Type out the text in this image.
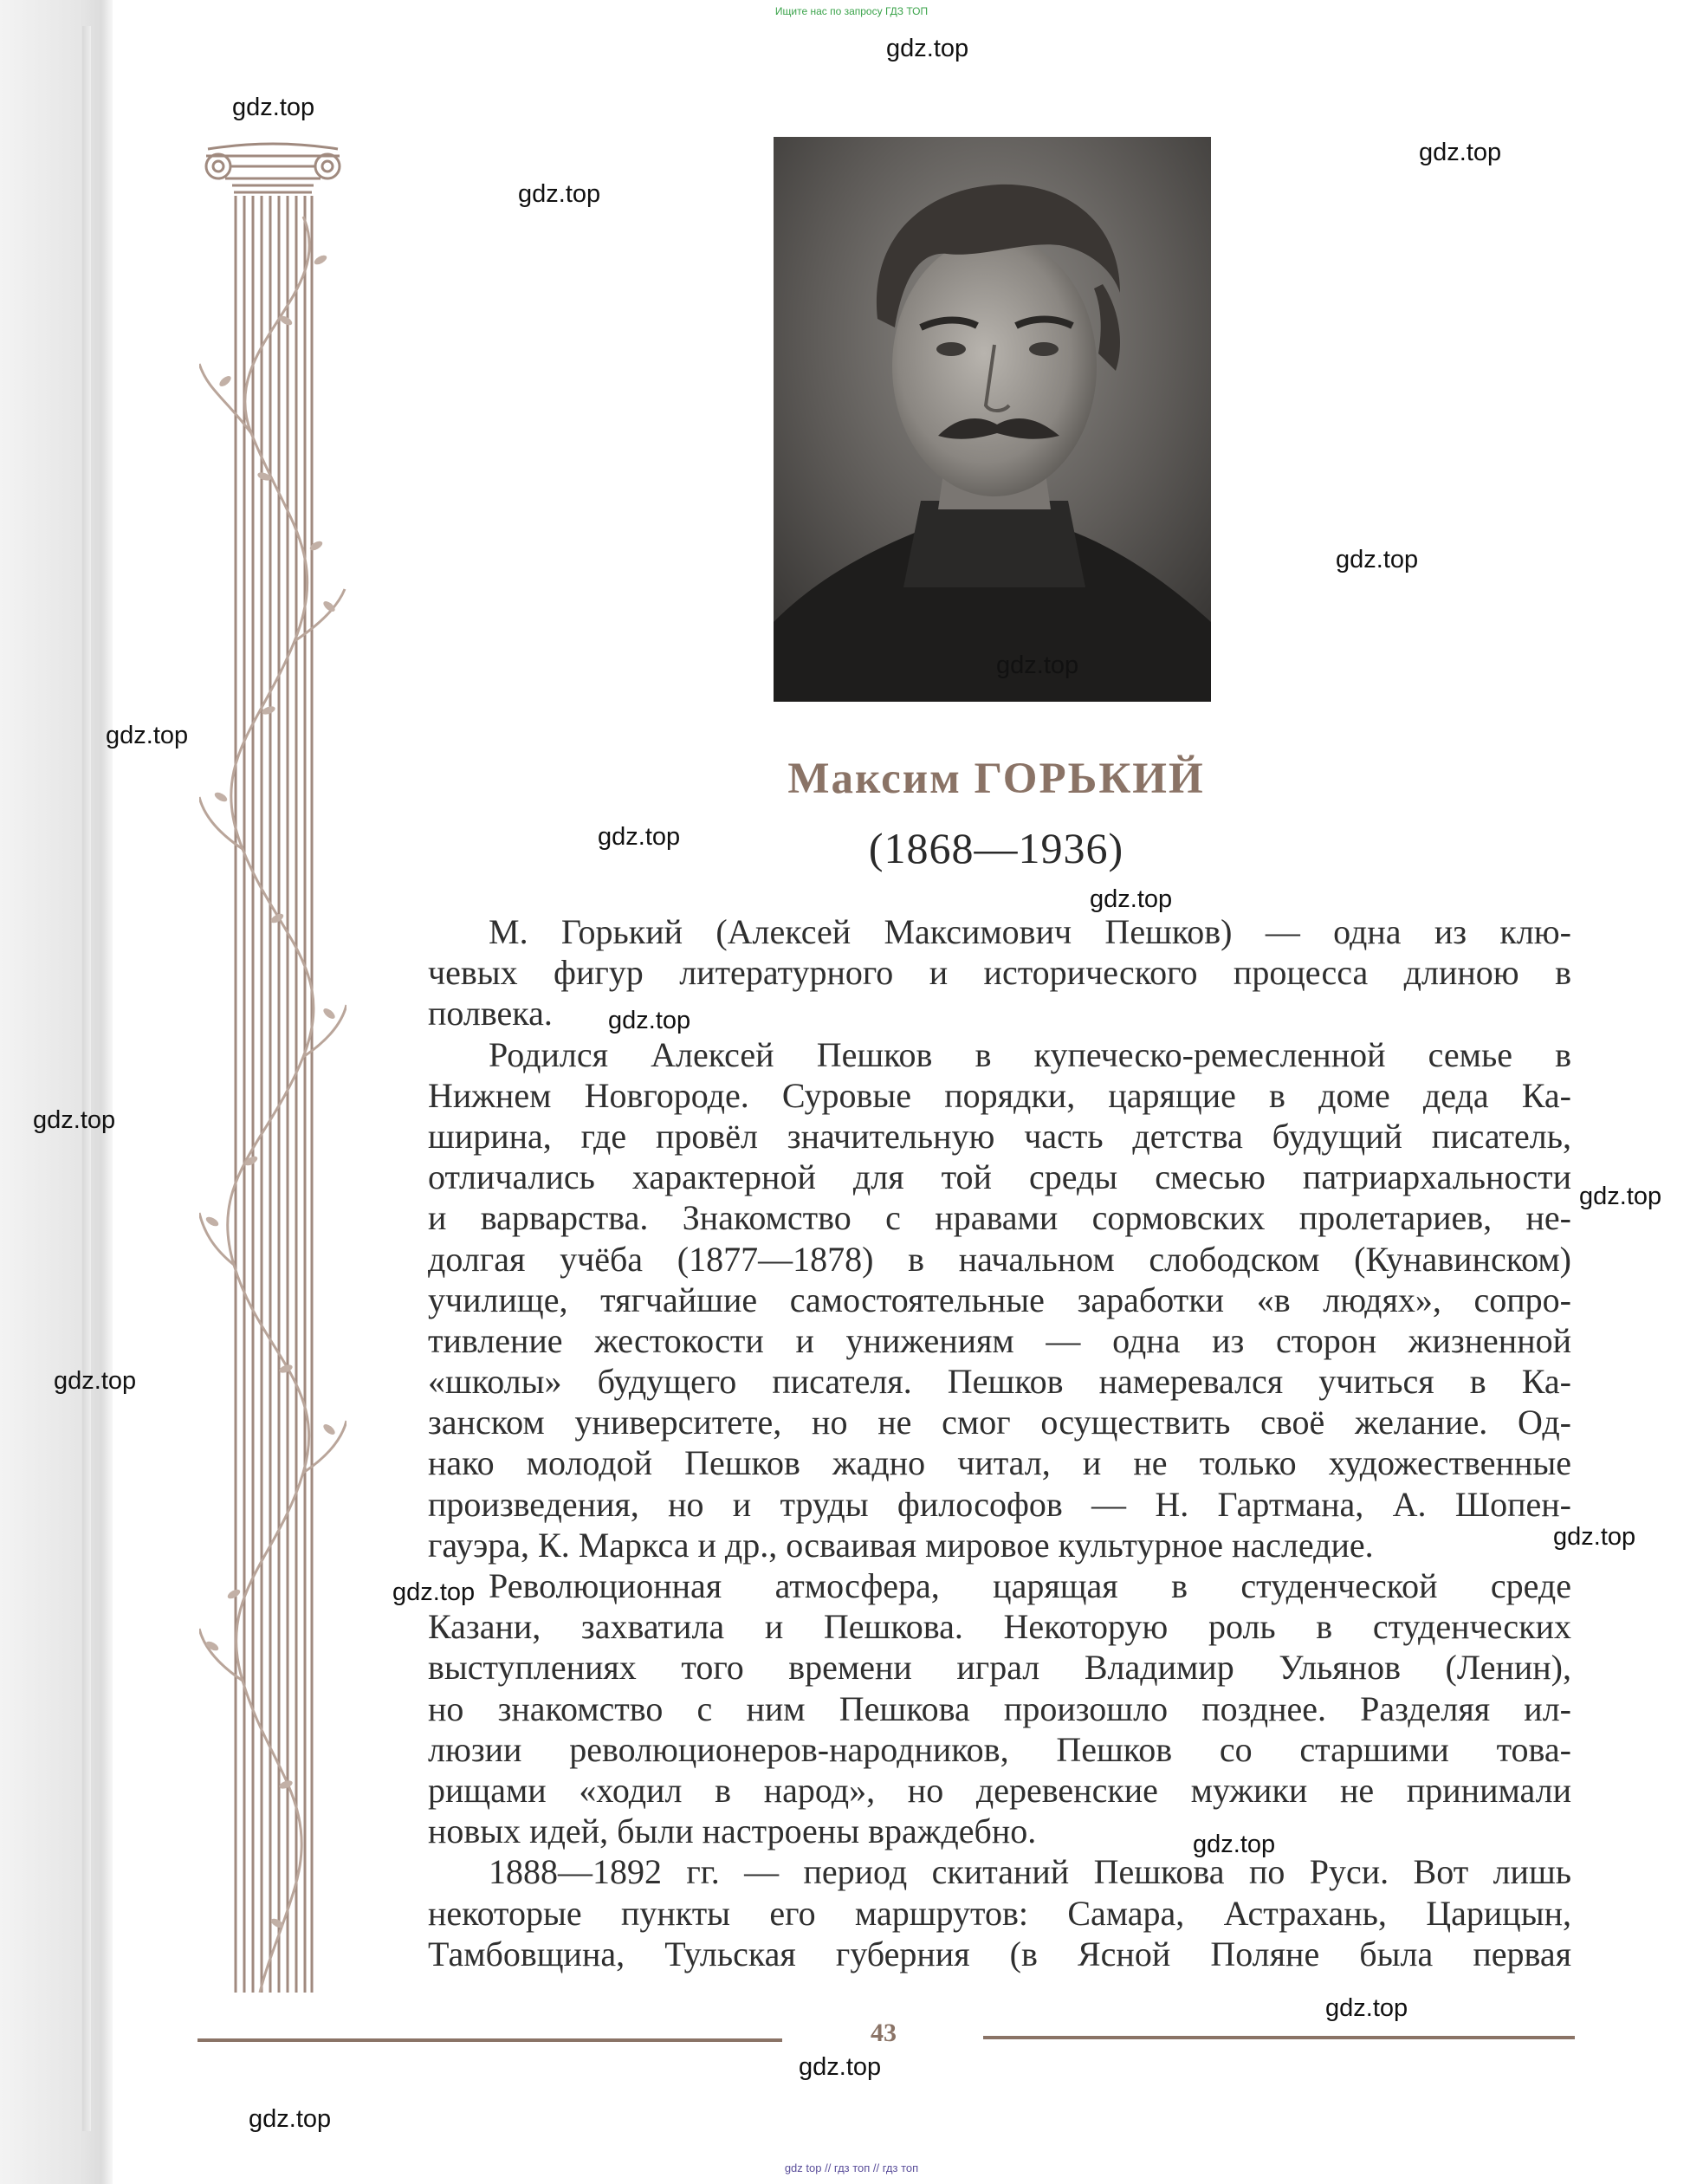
Ищите нас по запросу ГДЗ ТОП
Максим ГОРЬКИЙ
(1868—1936)
М. Горький (Алексей Максимович Пешков) — одна из клю-
чевых фигур литературного и исторического процесса длиною в
полвека.
Родился Алексей Пешков в купеческо-ремесленной семье в
Нижнем Новгороде. Суровые порядки, царящие в доме деда Ка-
ширина, где провёл значительную часть детства будущий писатель,
отличались характерной для той среды смесью патриархальности
и варварства. Знакомство с нравами сормовских пролетариев, не-
долгая учёба (1877—1878) в начальном слободском (Кунавинском)
училище, тягчайшие самостоятельные заработки «в людях», сопро-
тивление жестокости и унижениям — одна из сторон жизненной
«школы» будущего писателя. Пешков намеревался учиться в Ка-
занском университете, но не смог осуществить своё желание. Од-
нако молодой Пешков жадно читал, и не только художественные
произведения, но и труды философов — Н. Гартмана, А. Шопен-
гауэра, К. Маркса и др., осваивая мировое культурное наследие.
Революционная атмосфера, царящая в студенческой среде
Казани, захватила и Пешкова. Некоторую роль в студенческих
выступлениях того времени играл Владимир Ульянов (Ленин),
но знакомство с ним Пешкова произошло позднее. Разделяя ил-
люзии революционеров-народников, Пешков со старшими това-
рищами «ходил в народ», но деревенские мужики не принимали
новых идей, были настроены враждебно.
1888—1892 гг. — период скитаний Пешкова по Руси. Вот лишь
некоторые пункты его маршрутов: Самара, Астрахань, Царицын,
Тамбовщина, Тульская губерния (в Ясной Поляне была первая
43
gdz.top
gdz.top
gdz.top
gdz.top
gdz.top
gdz.top
gdz.top
gdz.top
gdz.top
gdz.top
gdz.top
gdz.top
gdz.top
gdz.top
gdz.top
gdz.top
gdz.top
gdz.top
gdz.top
gdz top // гдз топ // гдз топ
